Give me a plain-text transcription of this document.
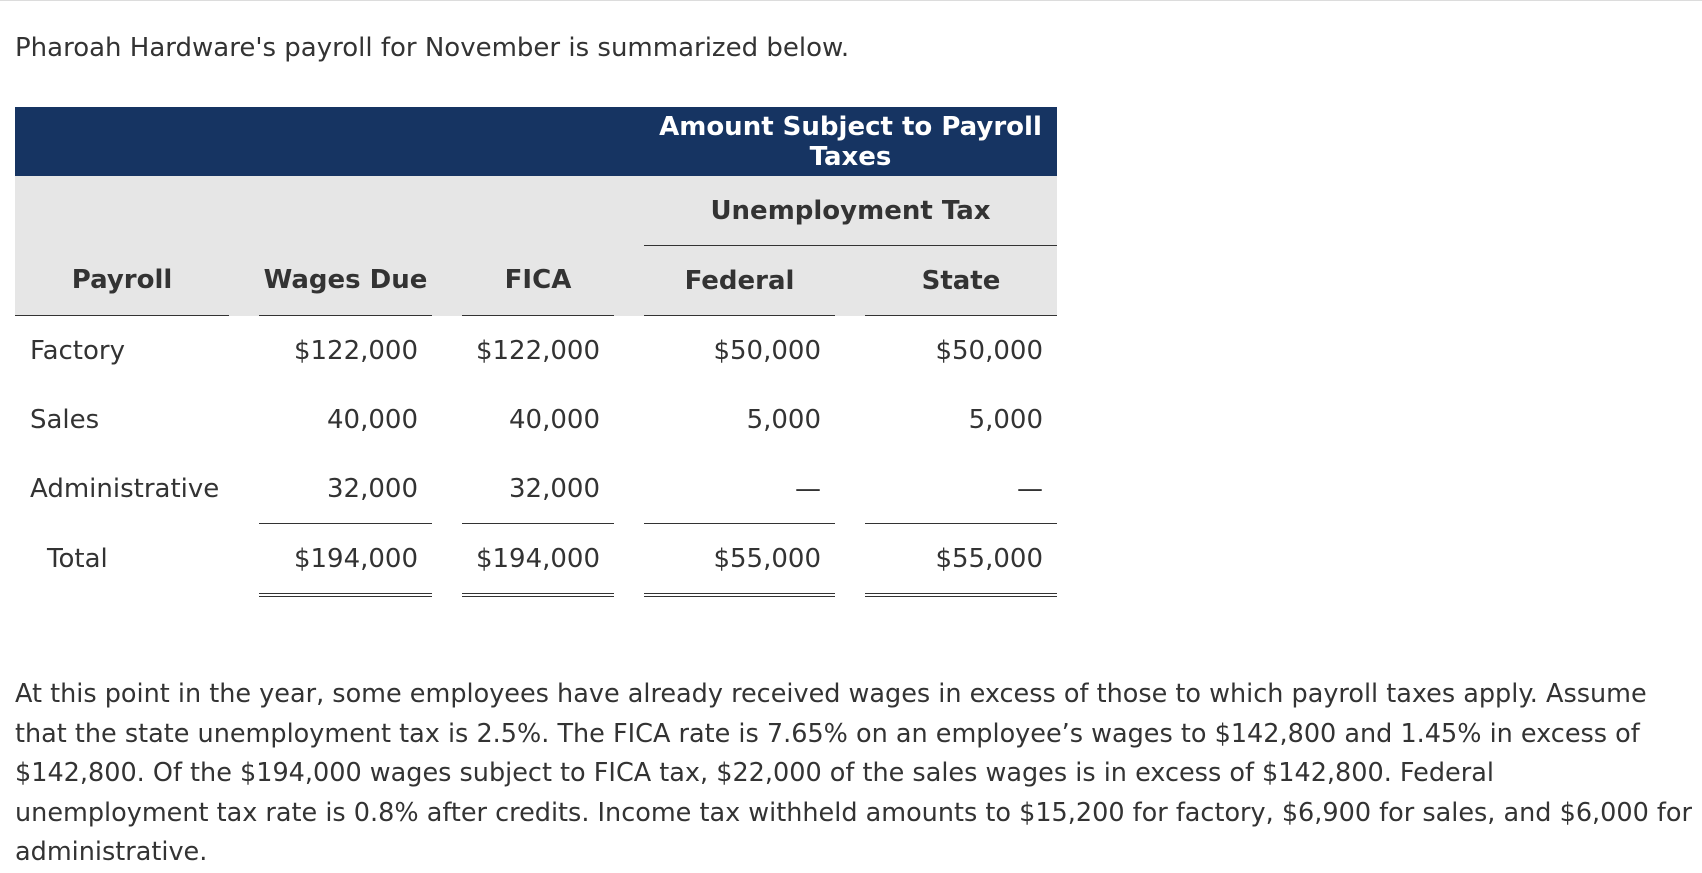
Pharoah Hardware's payroll for November is summarized below.
					Amount Subject to Payroll Taxes			
						Unemployment Tax		
Payroll		Wages Due		FICA		Federal		State
Factory		$122,000		$122,000		$50,000		$50,000
Sales		40,000		40,000		5,000		5,000
Administrative		32,000		32,000		—		—
Total		$194,000		$194,000		$55,000		$55,000
At this point in the year, some employees have already received wages in excess of those to which payroll taxes apply. Assume that the state unemployment tax is 2.5%. The FICA rate is 7.65% on an employee’s wages to $142,800 and 1.45% in excess of $142,800. Of the $194,000 wages subject to FICA tax, $22,000 of the sales wages is in excess of $142,800. Federal unemployment tax rate is 0.8% after credits. Income tax withheld amounts to $15,200 for factory, $6,900 for sales, and $6,000 for administrative.
